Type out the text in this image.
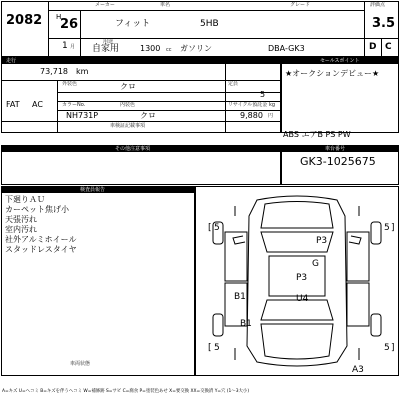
メーカー	車名	グレード	評価点
2082 H
26	フィット	5HB	3.5
1 月
用途
自家用	1300 cc ガソリン	DBA-GK3	D C
走行
73,718 km
FAT AC
外装色	クロ	定員
5
kg
カラーNo.	内装色	リサイクル預託金
NH731P	クロ	9,880 円
車検証記載事項
セールスポイント
★オークションデビュー★
ABS エアB PS PW
その他注意事項	車台番号
GK3-1025675
検査員報告
下廻りＡＵ
カーペット焦げ小
天張汚れ
室内汚れ
社外アルミホイール
スタッドレスタイヤ
車両状態
[ 5	5 ]
[ 5	5 ]
P3
G
P3
B1	U4
B1
A3
A=キズ U=ヘコミ B=キズを伴うヘコミ W=補修跡 S=サビ C=腐食 P=塗装色あせ X=要交換 XX=交換済 Y=穴 (1〜3大小)
